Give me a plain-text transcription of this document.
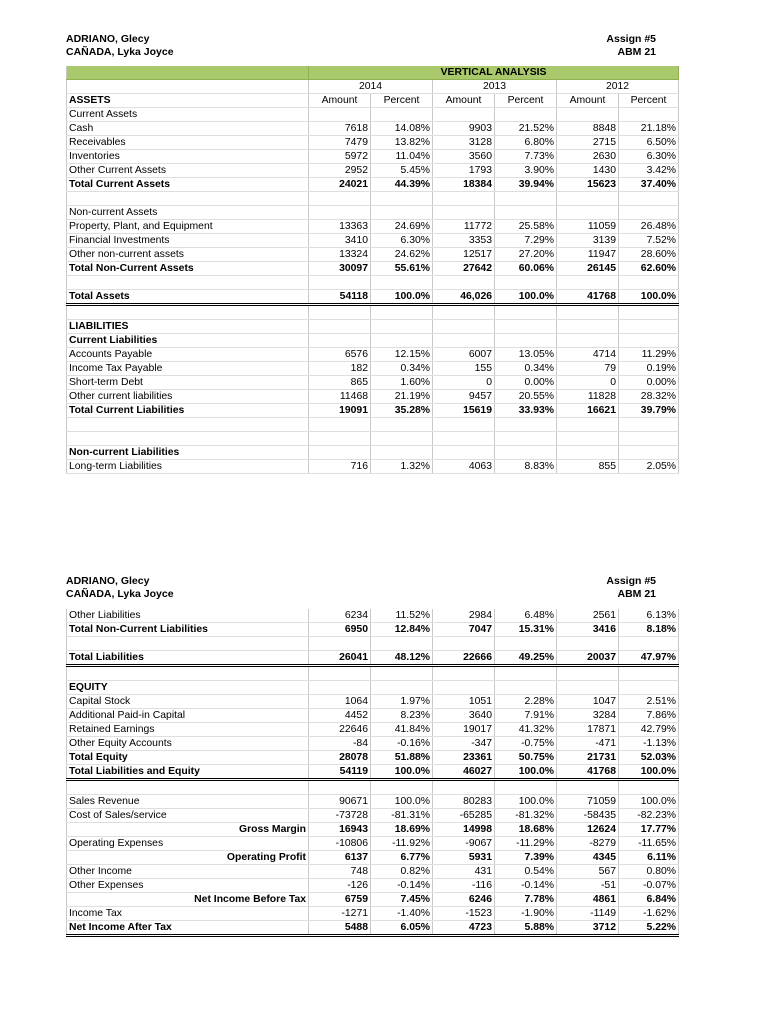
ADRIANO, Glecy
CAÑADA, Lyka Joyce
Assign #5
ABM 21
	VERTICAL ANALYSIS					
	2014		2013		2012	
ASSETS	Amount	Percent	Amount	Percent	Amount	Percent
Current Assets						
Cash	7618	14.08%	9903	21.52%	8848	21.18%
Receivables	7479	13.82%	3128	6.80%	2715	6.50%
Inventories	5972	11.04%	3560	7.73%	2630	6.30%
Other Current Assets	2952	5.45%	1793	3.90%	1430	3.42%
Total Current Assets	24021	44.39%	18384	39.94%	15623	37.40%

Non-current Assets						
Property, Plant, and Equipment	13363	24.69%	11772	25.58%	11059	26.48%
Financial Investments	3410	6.30%	3353	7.29%	3139	7.52%
Other non-current assets	13324	24.62%	12517	27.20%	11947	28.60%
Total Non-Current Assets	30097	55.61%	27642	60.06%	26145	62.60%

Total Assets	54118	100.0%	46,026	100.0%	41768	100.0%

LIABILITIES						
Current Liabilities						
Accounts Payable	6576	12.15%	6007	13.05%	4714	11.29%
Income Tax Payable	182	0.34%	155	0.34%	79	0.19%
Short-term Debt	865	1.60%	0	0.00%	0	0.00%
Other current liabilities	11468	21.19%	9457	20.55%	11828	28.32%
Total Current Liabilities	19091	35.28%	15619	33.93%	16621	39.79%

Non-current Liabilities						
Long-term Liabilities	716	1.32%	4063	8.83%	855	2.05%
ADRIANO, Glecy
CAÑADA, Lyka Joyce
Assign #5
ABM 21
Other Liabilities	6234	11.52%	2984	6.48%	2561	6.13%
Total Non-Current Liabilities	6950	12.84%	7047	15.31%	3416	8.18%

Total Liabilities	26041	48.12%	22666	49.25%	20037	47.97%

EQUITY						
Capital Stock	1064	1.97%	1051	2.28%	1047	2.51%
Additional Paid-in Capital	4452	8.23%	3640	7.91%	3284	7.86%
Retained Earnings	22646	41.84%	19017	41.32%	17871	42.79%
Other Equity Accounts	-84	-0.16%	-347	-0.75%	-471	-1.13%
Total Equity	28078	51.88%	23361	50.75%	21731	52.03%
Total Liabilities and Equity	54119	100.0%	46027	100.0%	41768	100.0%

Sales Revenue	90671	100.0%	80283	100.0%	71059	100.0%
Cost of Sales/service	-73728	-81.31%	-65285	-81.32%	-58435	-82.23%
Gross Margin	16943	18.69%	14998	18.68%	12624	17.77%
Operating Expenses	-10806	-11.92%	-9067	-11.29%	-8279	-11.65%
Operating Profit	6137	6.77%	5931	7.39%	4345	6.11%
Other Income	748	0.82%	431	0.54%	567	0.80%
Other Expenses	-126	-0.14%	-116	-0.14%	-51	-0.07%
Net Income Before Tax	6759	7.45%	6246	7.78%	4861	6.84%
Income Tax	-1271	-1.40%	-1523	-1.90%	-1149	-1.62%
Net Income After Tax	5488	6.05%	4723	5.88%	3712	5.22%
